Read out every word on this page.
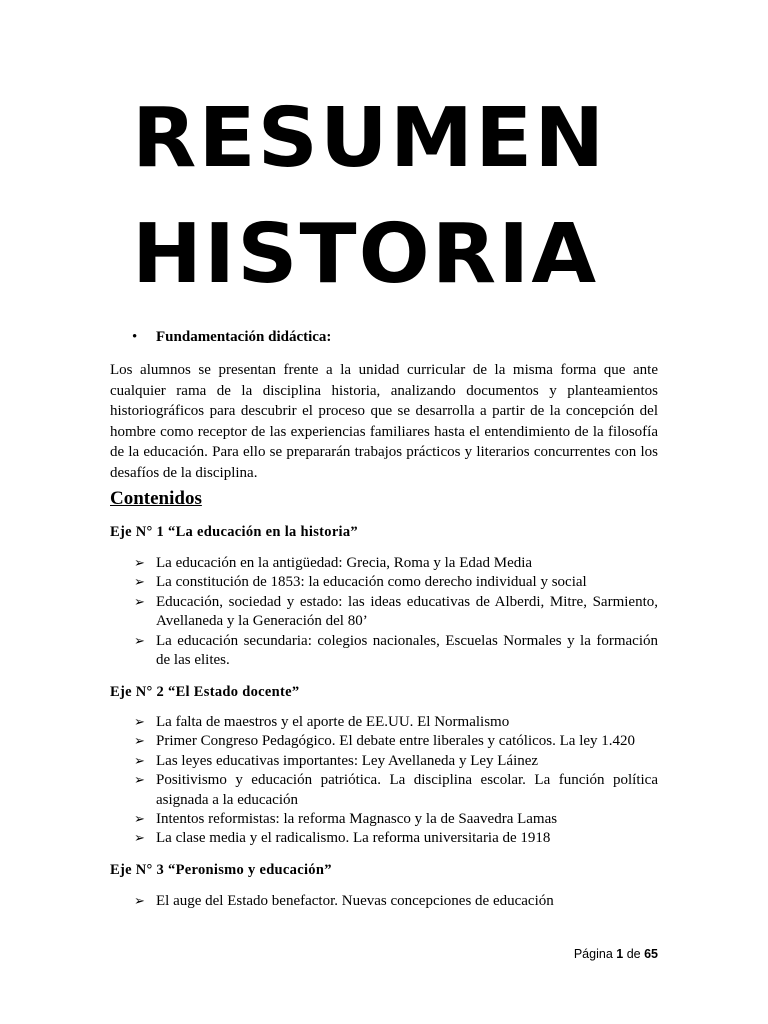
RESUMEN
HISTORIA
• Fundamentación didáctica:

Los alumnos se presentan frente a la unidad curricular de la misma forma que ante cualquier rama de la disciplina historia, analizando documentos y planteamientos historiográficos para descubrir el proceso que se desarrolla a partir de la concepción del hombre como receptor de las experiencias familiares hasta el entendimiento de la filosofía de la educación. Para ello se prepararán trabajos prácticos y literarios concurrentes con los desafíos de la disciplina.

Contenidos
Eje N° 1 “La educación en la historia”
➢ La educación en la antigüedad: Grecia, Roma y la Edad Media
➢ La constitución de 1853: la educación como derecho individual y social
➢ Educación, sociedad y estado: las ideas educativas de Alberdi, Mitre, Sarmiento, Avellaneda y la Generación del 80’
➢ La educación secundaria: colegios nacionales, Escuelas Normales y la formación de las elites.
Eje N° 2 “El Estado docente”
➢ La falta de maestros y el aporte de EE.UU. El Normalismo
➢ Primer Congreso Pedagógico. El debate entre liberales y católicos. La ley 1.420
➢ Las leyes educativas importantes: Ley Avellaneda y Ley Láinez
➢ Positivismo y educación patriótica. La disciplina escolar. La función política asignada a la educación
➢ Intentos reformistas: la reforma Magnasco y la de Saavedra Lamas
➢ La clase media y el radicalismo. La reforma universitaria de 1918
Eje N° 3 “Peronismo y educación”
➢ El auge del Estado benefactor. Nuevas concepciones de educación
Página 1 de 65
